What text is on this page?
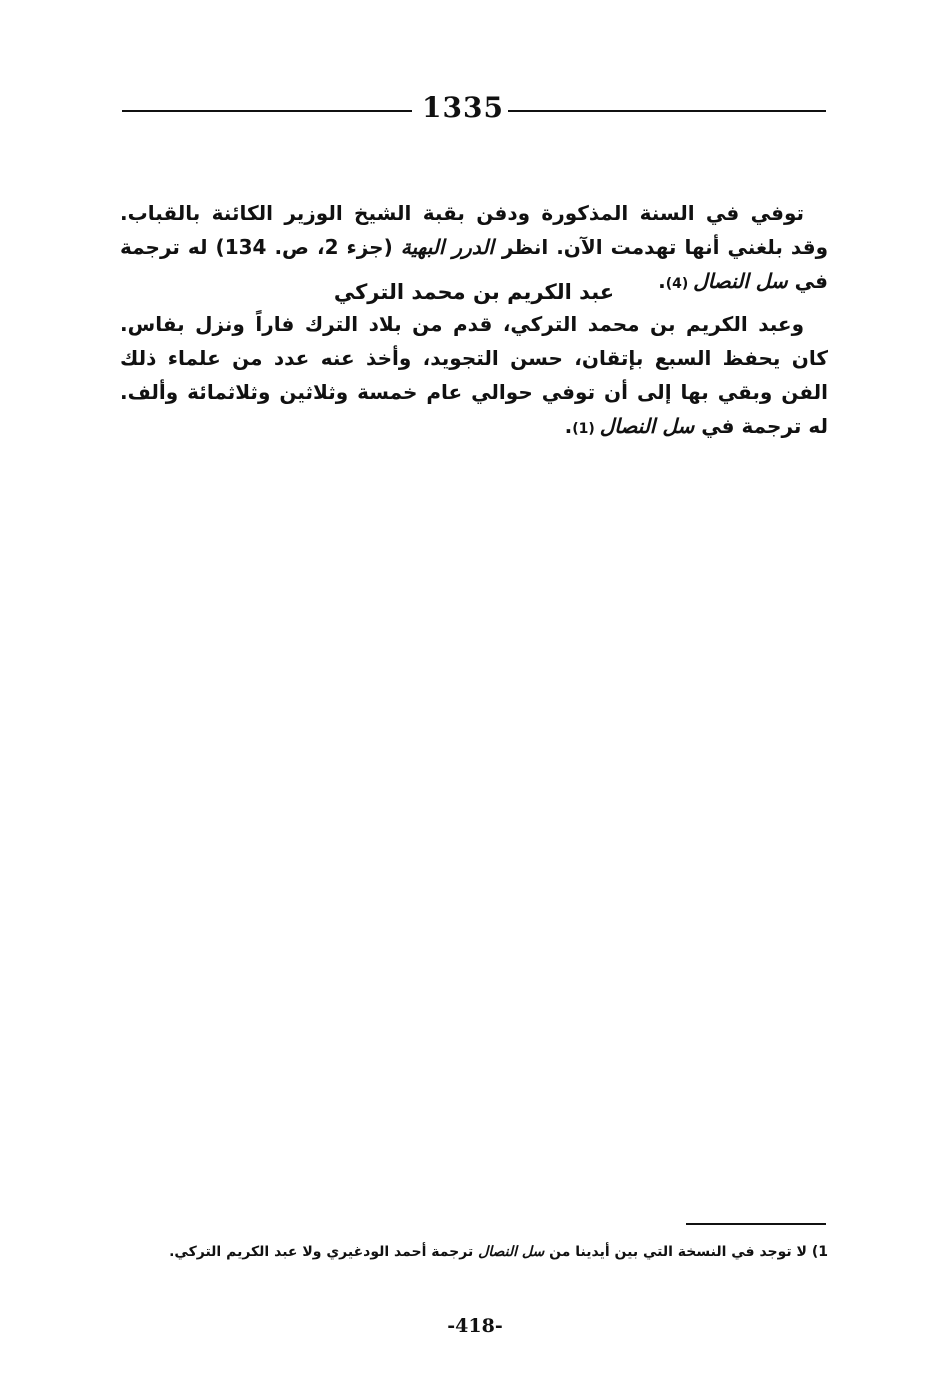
1335

توفي في السنة المذكورة ودفن بقبة الشيخ الوزير الكائنة بالقباب. وقد بلغني أنها تهدمت الآن. انظر الدرر البهية (جزء 2، ص. 134) له ترجمة في سل النصال (4).

عبد الكريم بن محمد التركي

وعبد الكريم بن محمد التركي، قدم من بلاد الترك فاراً ونزل بفاس. كان يحفظ السبع بإتقان، حسن التجويد، وأخذ عنه عدد من علماء ذلك الفن وبقي بها إلى أن توفي حوالي عام خمسة وثلاثين وثلاثمائة وألف. له ترجمة في سل النصال (1).

1) لا توجد في النسخة التي بين أيدينا من سل النصال ترجمة أحمد الودغيري ولا عبد الكريم التركي.
-418-
